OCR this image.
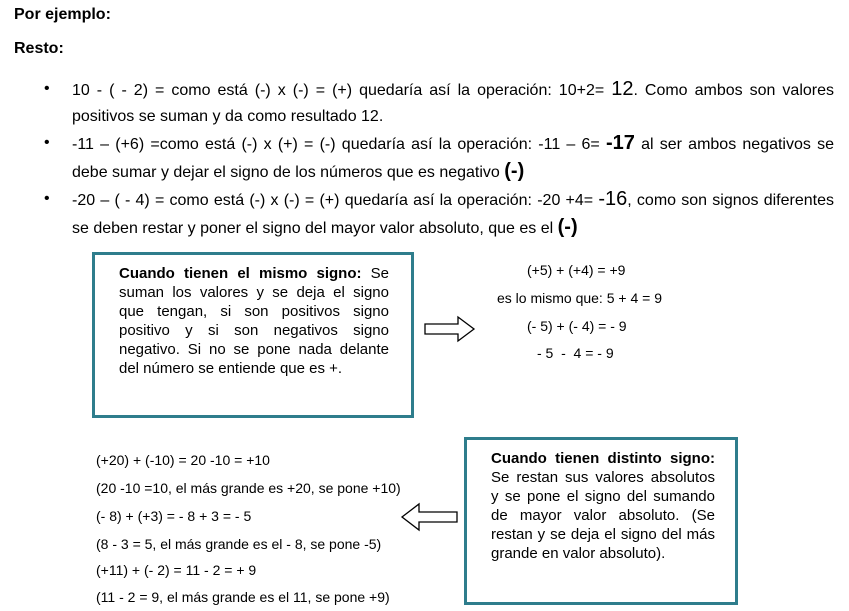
Por ejemplo:
Resto:
• 10 - ( - 2) = como está (-) x (-) = (+) quedaría así la operación: 10+2= 12. Como ambos son valores positivos se suman y da como resultado 12.
• -11 – (+6) =como está (-) x (+) = (-) quedaría así la operación: -11 – 6= -17 al ser ambos negativos se debe sumar y dejar el signo de los números que es negativo (-)
• -20 – ( - 4) = como está (-) x (-) = (+) quedaría así la operación: -20 +4= -16, como son signos diferentes se deben restar y poner el signo del mayor valor absoluto, que es el (-)

Cuando tienen el mismo signo: Se suman los valores y se deja el signo que tengan, si son positivos signo positivo y si son negativos signo negativo. Si no se pone nada delante del número se entiende que es +.

(+5) + (+4) = +9
es lo mismo que: 5 + 4 = 9
(- 5) + (- 4) = - 9
- 5  -  4 = - 9
(+20) + (-10) = 20 -10 = +10
(20 -10 =10, el más grande es +20, se pone +10)
(- 8) + (+3) = - 8 + 3 = - 5
(8 - 3 = 5, el más grande es el - 8, se pone -5)
(+11) + (- 2) = 11 - 2 = + 9
(11 - 2 = 9, el más grande es el 11, se pone +9)

Cuando tienen distinto signo: Se restan sus valores absolutos y se pone el signo del sumando de mayor valor absoluto. (Se restan y se deja el signo del más grande en valor absoluto).
